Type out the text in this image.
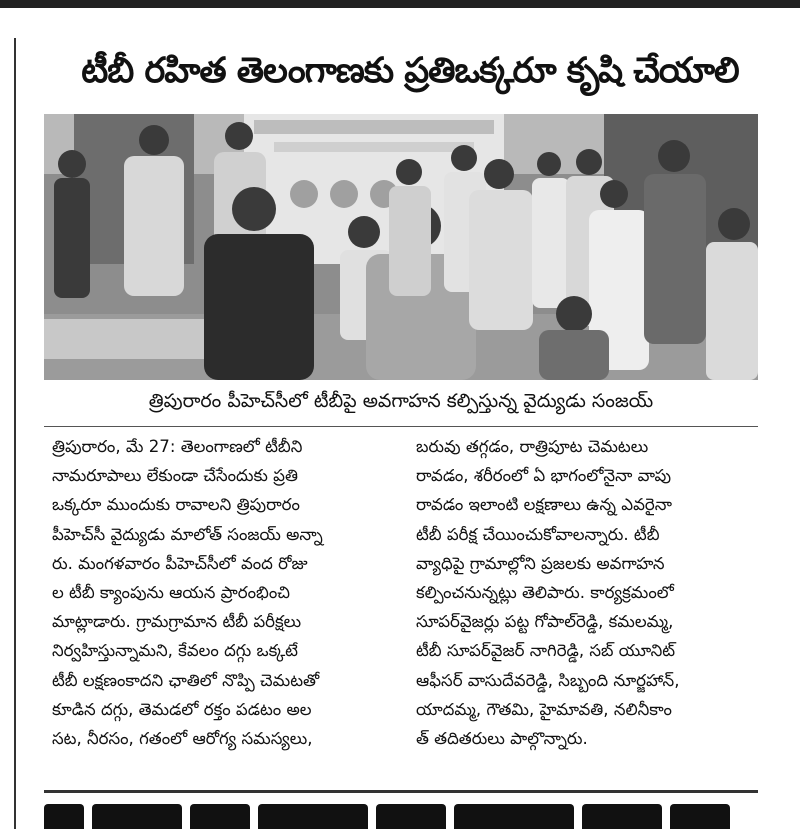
టీబీ రహిత తెలంగాణకు ప్రతిఒక్కరూ కృషి చేయాలి
త్రిపురారం పీహెచ్‌సీలో టీబీపై అవగాహన కల్పిస్తున్న వైద్యుడు సంజయ్
త్రిపురారం, మే 27: తెలంగాణలో టీబీని
నామరూపాలు లేకుండా చేసేందుకు ప్రతి
ఒక్కరూ ముందుకు రావాలని త్రిపురారం
పీహెచ్‌సీ వైద్యుడు మాలోత్ సంజయ్ అన్నా
రు. మంగళవారం పీహెచ్‌సీలో వంద రోజు
ల టీబీ క్యాంపును ఆయన ప్రారంభించి
మాట్లాడారు. గ్రామగ్రామాన టీబీ పరీక్షలు
నిర్వహిస్తున్నామని, కేవలం దగ్గు ఒక్కటే
టీబీ లక్షణంకాదని ఛాతిలో నొప్పి చెమటతో
కూడిన దగ్గు, తెమడలో రక్తం పడటం అల
సట, నీరసం, గతంలో ఆరోగ్య సమస్యలు,
బరువు తగ్గడం, రాత్రిపూట చెమటలు
రావడం, శరీరంలో ఏ భాగంలోనైనా వాపు
రావడం ఇలాంటి లక్షణాలు ఉన్న ఎవరైనా
టీబీ పరీక్ష చేయించుకోవాలన్నారు. టీబీ
వ్యాధిపై గ్రామాల్లోని ప్రజలకు అవగాహన
కల్పించనున్నట్లు తెలిపారు. కార్యక్రమంలో
సూపర్‌వైజర్లు పట్ట గోపాల్‌రెడ్డి, కమలమ్మ,
టీబీ సూపర్‌వైజర్ నాగిరెడ్డి, సబ్ యూనిట్
ఆఫీసర్ వాసుదేవరెడ్డి, సిబ్బంది నూర్జహాన్,
యాదమ్మ, గౌతమి, హైమావతి, నలినీకాం
త్ తదితరులు పాల్గొన్నారు.
